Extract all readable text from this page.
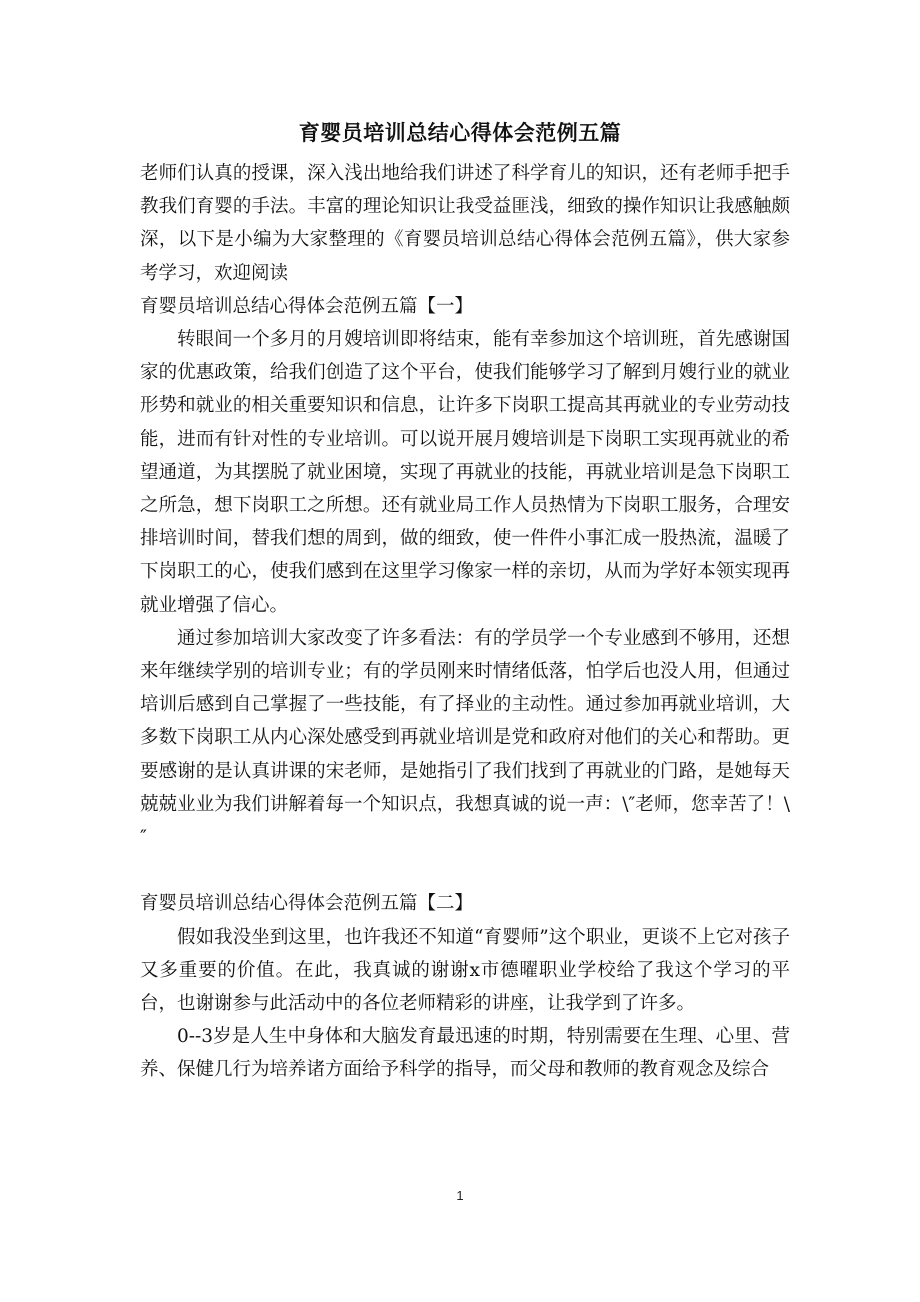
育婴员培训总结心得体会范例五篇

老师们认真的授课，深入浅出地给我们讲述了科学育儿的知识，还有老师手把手教我们育婴的手法。丰富的理论知识让我受益匪浅，细致的操作知识让我感触颇深，以下是小编为大家整理的《育婴员培训总结心得体会范例五篇》，供大家参考学习，欢迎阅读

育婴员培训总结心得体会范例五篇【一】

转眼间一个多月的月嫂培训即将结束，能有幸参加这个培训班，首先感谢国家的优惠政策，给我们创造了这个平台，使我们能够学习了解到月嫂行业的就业形势和就业的相关重要知识和信息，让许多下岗职工提高其再就业的专业劳动技能，进而有针对性的专业培训。可以说开展月嫂培训是下岗职工实现再就业的希望通道，为其摆脱了就业困境，实现了再就业的技能，再就业培训是急下岗职工之所急，想下岗职工之所想。还有就业局工作人员热情为下岗职工服务，合理安排培训时间，替我们想的周到，做的细致，使一件件小事汇成一股热流，温暖了下岗职工的心，使我们感到在这里学习像家一样的亲切，从而为学好本领实现再就业增强了信心。

通过参加培训大家改变了许多看法：有的学员学一个专业感到不够用，还想来年继续学别的培训专业；有的学员刚来时情绪低落，怕学后也没人用，但通过培训后感到自己掌握了一些技能，有了择业的主动性。通过参加再就业培训，大多数下岗职工从内心深处感受到再就业培训是党和政府对他们的关心和帮助。更要感谢的是认真讲课的宋老师，是她指引了我们找到了再就业的门路，是她每天兢兢业业为我们讲解着每一个知识点，我想真诚的说一声：\″老师，您幸苦了！\″

育婴员培训总结心得体会范例五篇【二】

假如我没坐到这里，也许我还不知道“育婴师”这个职业，更谈不上它对孩子又多重要的价值。在此，我真诚的谢谢x市德曜职业学校给了我这个学习的平台，也谢谢参与此活动中的各位老师精彩的讲座，让我学到了许多。

0--3岁是人生中身体和大脑发育最迅速的时期，特别需要在生理、心里、营养、保健几行为培养诸方面给予科学的指导，而父母和教师的教育观念及综合

1
